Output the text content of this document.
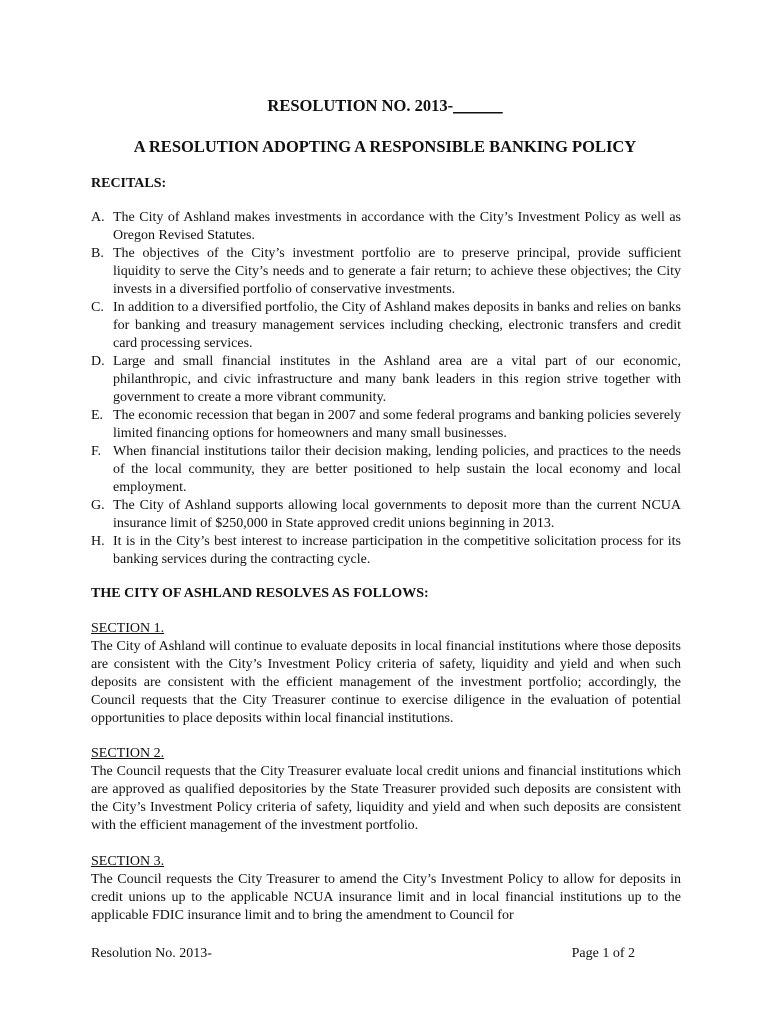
RESOLUTION NO. 2013-______
A RESOLUTION ADOPTING A RESPONSIBLE BANKING POLICY
RECITALS:
A. The City of Ashland makes investments in accordance with the City’s Investment Policy as well as Oregon Revised Statutes.
B. The objectives of the City’s investment portfolio are to preserve principal, provide sufficient liquidity to serve the City’s needs and to generate a fair return; to achieve these objectives; the City invests in a diversified portfolio of conservative investments.
C. In addition to a diversified portfolio, the City of Ashland makes deposits in banks and relies on banks for banking and treasury management services including checking, electronic transfers and credit card processing services.
D. Large and small financial institutes in the Ashland area are a vital part of our economic, philanthropic, and civic infrastructure and many bank leaders in this region strive together with government to create a more vibrant community.
E. The economic recession that began in 2007 and some federal programs and banking policies severely limited financing options for homeowners and many small businesses.
F. When financial institutions tailor their decision making, lending policies, and practices to the needs of the local community, they are better positioned to help sustain the local economy and local employment.
G. The City of Ashland supports allowing local governments to deposit more than the current NCUA insurance limit of $250,000 in State approved credit unions beginning in 2013.
H. It is in the City’s best interest to increase participation in the competitive solicitation process for its banking services during the contracting cycle.
THE CITY OF ASHLAND RESOLVES AS FOLLOWS:
SECTION 1.
The City of Ashland will continue to evaluate deposits in local financial institutions where those deposits are consistent with the City’s Investment Policy criteria of safety, liquidity and yield and when such deposits are consistent with the efficient management of the investment portfolio; accordingly, the Council requests that the City Treasurer continue to exercise diligence in the evaluation of potential opportunities to place deposits within local financial institutions.
SECTION 2.
The Council requests that the City Treasurer evaluate local credit unions and financial institutions which are approved as qualified depositories by the State Treasurer provided such deposits are consistent with the City’s Investment Policy criteria of safety, liquidity and yield and when such deposits are consistent with the efficient management of the investment portfolio.
SECTION 3.
The Council requests the City Treasurer to amend the City’s Investment Policy to allow for deposits in credit unions up to the applicable NCUA insurance limit and in local financial institutions up to the applicable FDIC insurance limit and to bring the amendment to Council for
Resolution No. 2013-	Page 1 of 2
